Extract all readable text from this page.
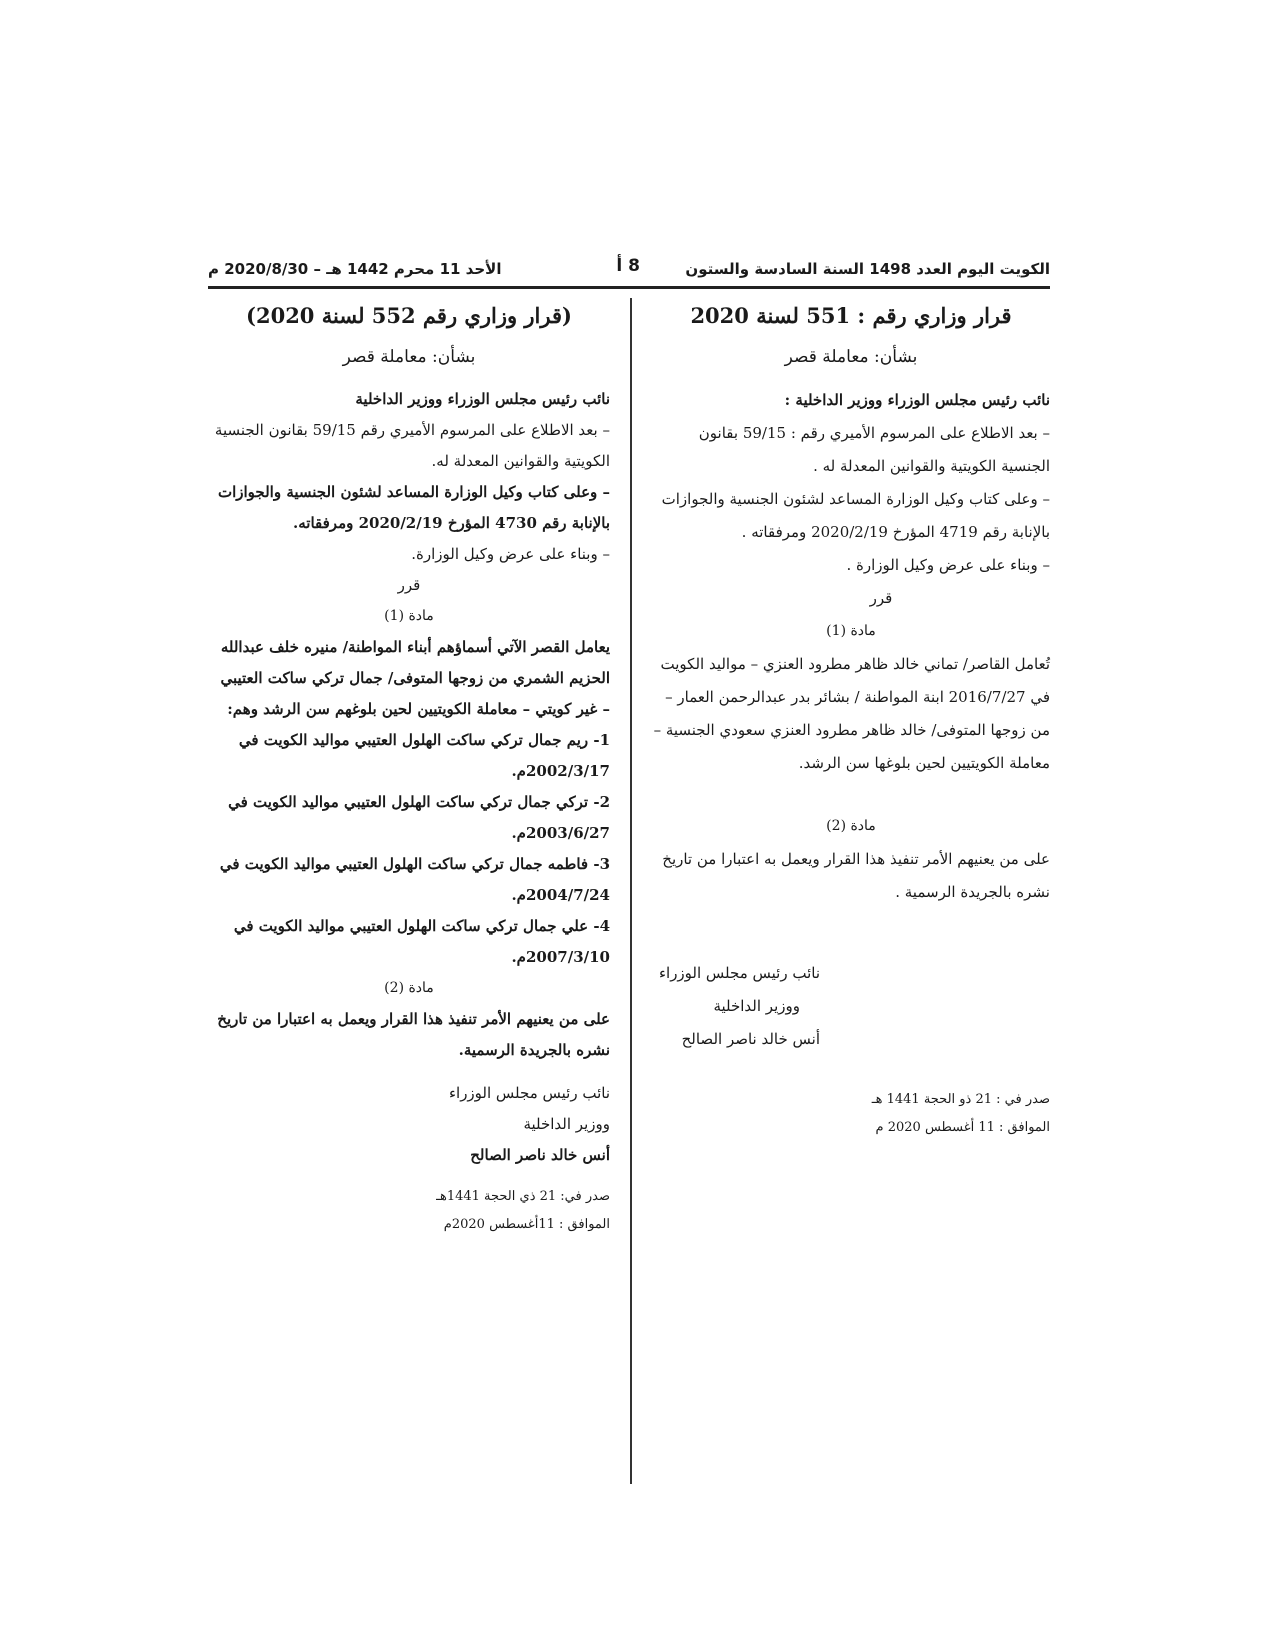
الكويت اليوم العدد 1498 السنة السادسة والستون
8 أ
الأحد 11 محرم 1442 هـ – 2020/8/30 م
قرار وزاري رقم : 551 لسنة 2020
بشأن: معاملة قصر

نائب رئيس مجلس الوزراء ووزير الداخلية :

– بعد الاطلاع على المرسوم الأميري رقم : 59/15 بقانون الجنسية الكويتية والقوانين المعدلة له .

– وعلى كتاب وكيل الوزارة المساعد لشئون الجنسية والجوازات بالإنابة رقم 4719 المؤرخ 2020/2/19 ومرفقاته .

– وبناء على عرض وكيل الوزارة .

قرر
مادة (1)

تُعامل القاصر/ تماني خالد ظاهر مطرود العنزي – مواليد الكويت في 2016/7/27 ابنة المواطنة / بشائر بدر عبدالرحمن العمار – من زوجها المتوفى/ خالد ظاهر مطرود العنزي سعودي الجنسية – معاملة الكويتيين لحين بلوغها سن الرشد.

مادة (2)

على من يعنيهم الأمر تنفيذ هذا القرار ويعمل به اعتبارا من تاريخ نشره بالجريدة الرسمية .

نائب رئيس مجلس الوزراء
ووزير الداخلية
أنس خالد ناصر الصالح
صدر في : 21 ذو الحجة 1441 هـ
الموافق : 11 أغسطس 2020 م
(قرار وزاري رقم 552 لسنة 2020)
بشأن: معاملة قصر

نائب رئيس مجلس الوزراء ووزير الداخلية

– بعد الاطلاع على المرسوم الأميري رقم 59/15 بقانون الجنسية الكويتية والقوانين المعدلة له.

– وعلى كتاب وكيل الوزارة المساعد لشئون الجنسية والجوازات بالإنابة رقم 4730 المؤرخ 2020/2/19 ومرفقاته.

– وبناء على عرض وكيل الوزارة.

قرر
مادة (1)

يعامل القصر الآتي أسماؤهم أبناء المواطنة/ منيره خلف عبدالله الحزيم الشمري من زوجها المتوفى/ جمال تركي ساكت العتيبي – غير كويتي – معاملة الكويتيين لحين بلوغهم سن الرشد وهم:

1- ريم جمال تركي ساكت الهلول العتيبي مواليد الكويت في 2002/3/17م.

2- تركي جمال تركي ساكت الهلول العتيبي مواليد الكويت في 2003/6/27م.

3- فاطمه جمال تركي ساكت الهلول العتيبي مواليد الكويت في 2004/7/24م.

4- علي جمال تركي ساكت الهلول العتيبي مواليد الكويت في 2007/3/10م.

مادة (2)

على من يعنيهم الأمر تنفيذ هذا القرار ويعمل به اعتبارا من تاريخ نشره بالجريدة الرسمية.

نائب رئيس مجلس الوزراء
ووزير الداخلية
أنس خالد ناصر الصالح
صدر في: 21 ذي الحجة 1441هـ
الموافق : 11أغسطس 2020م
